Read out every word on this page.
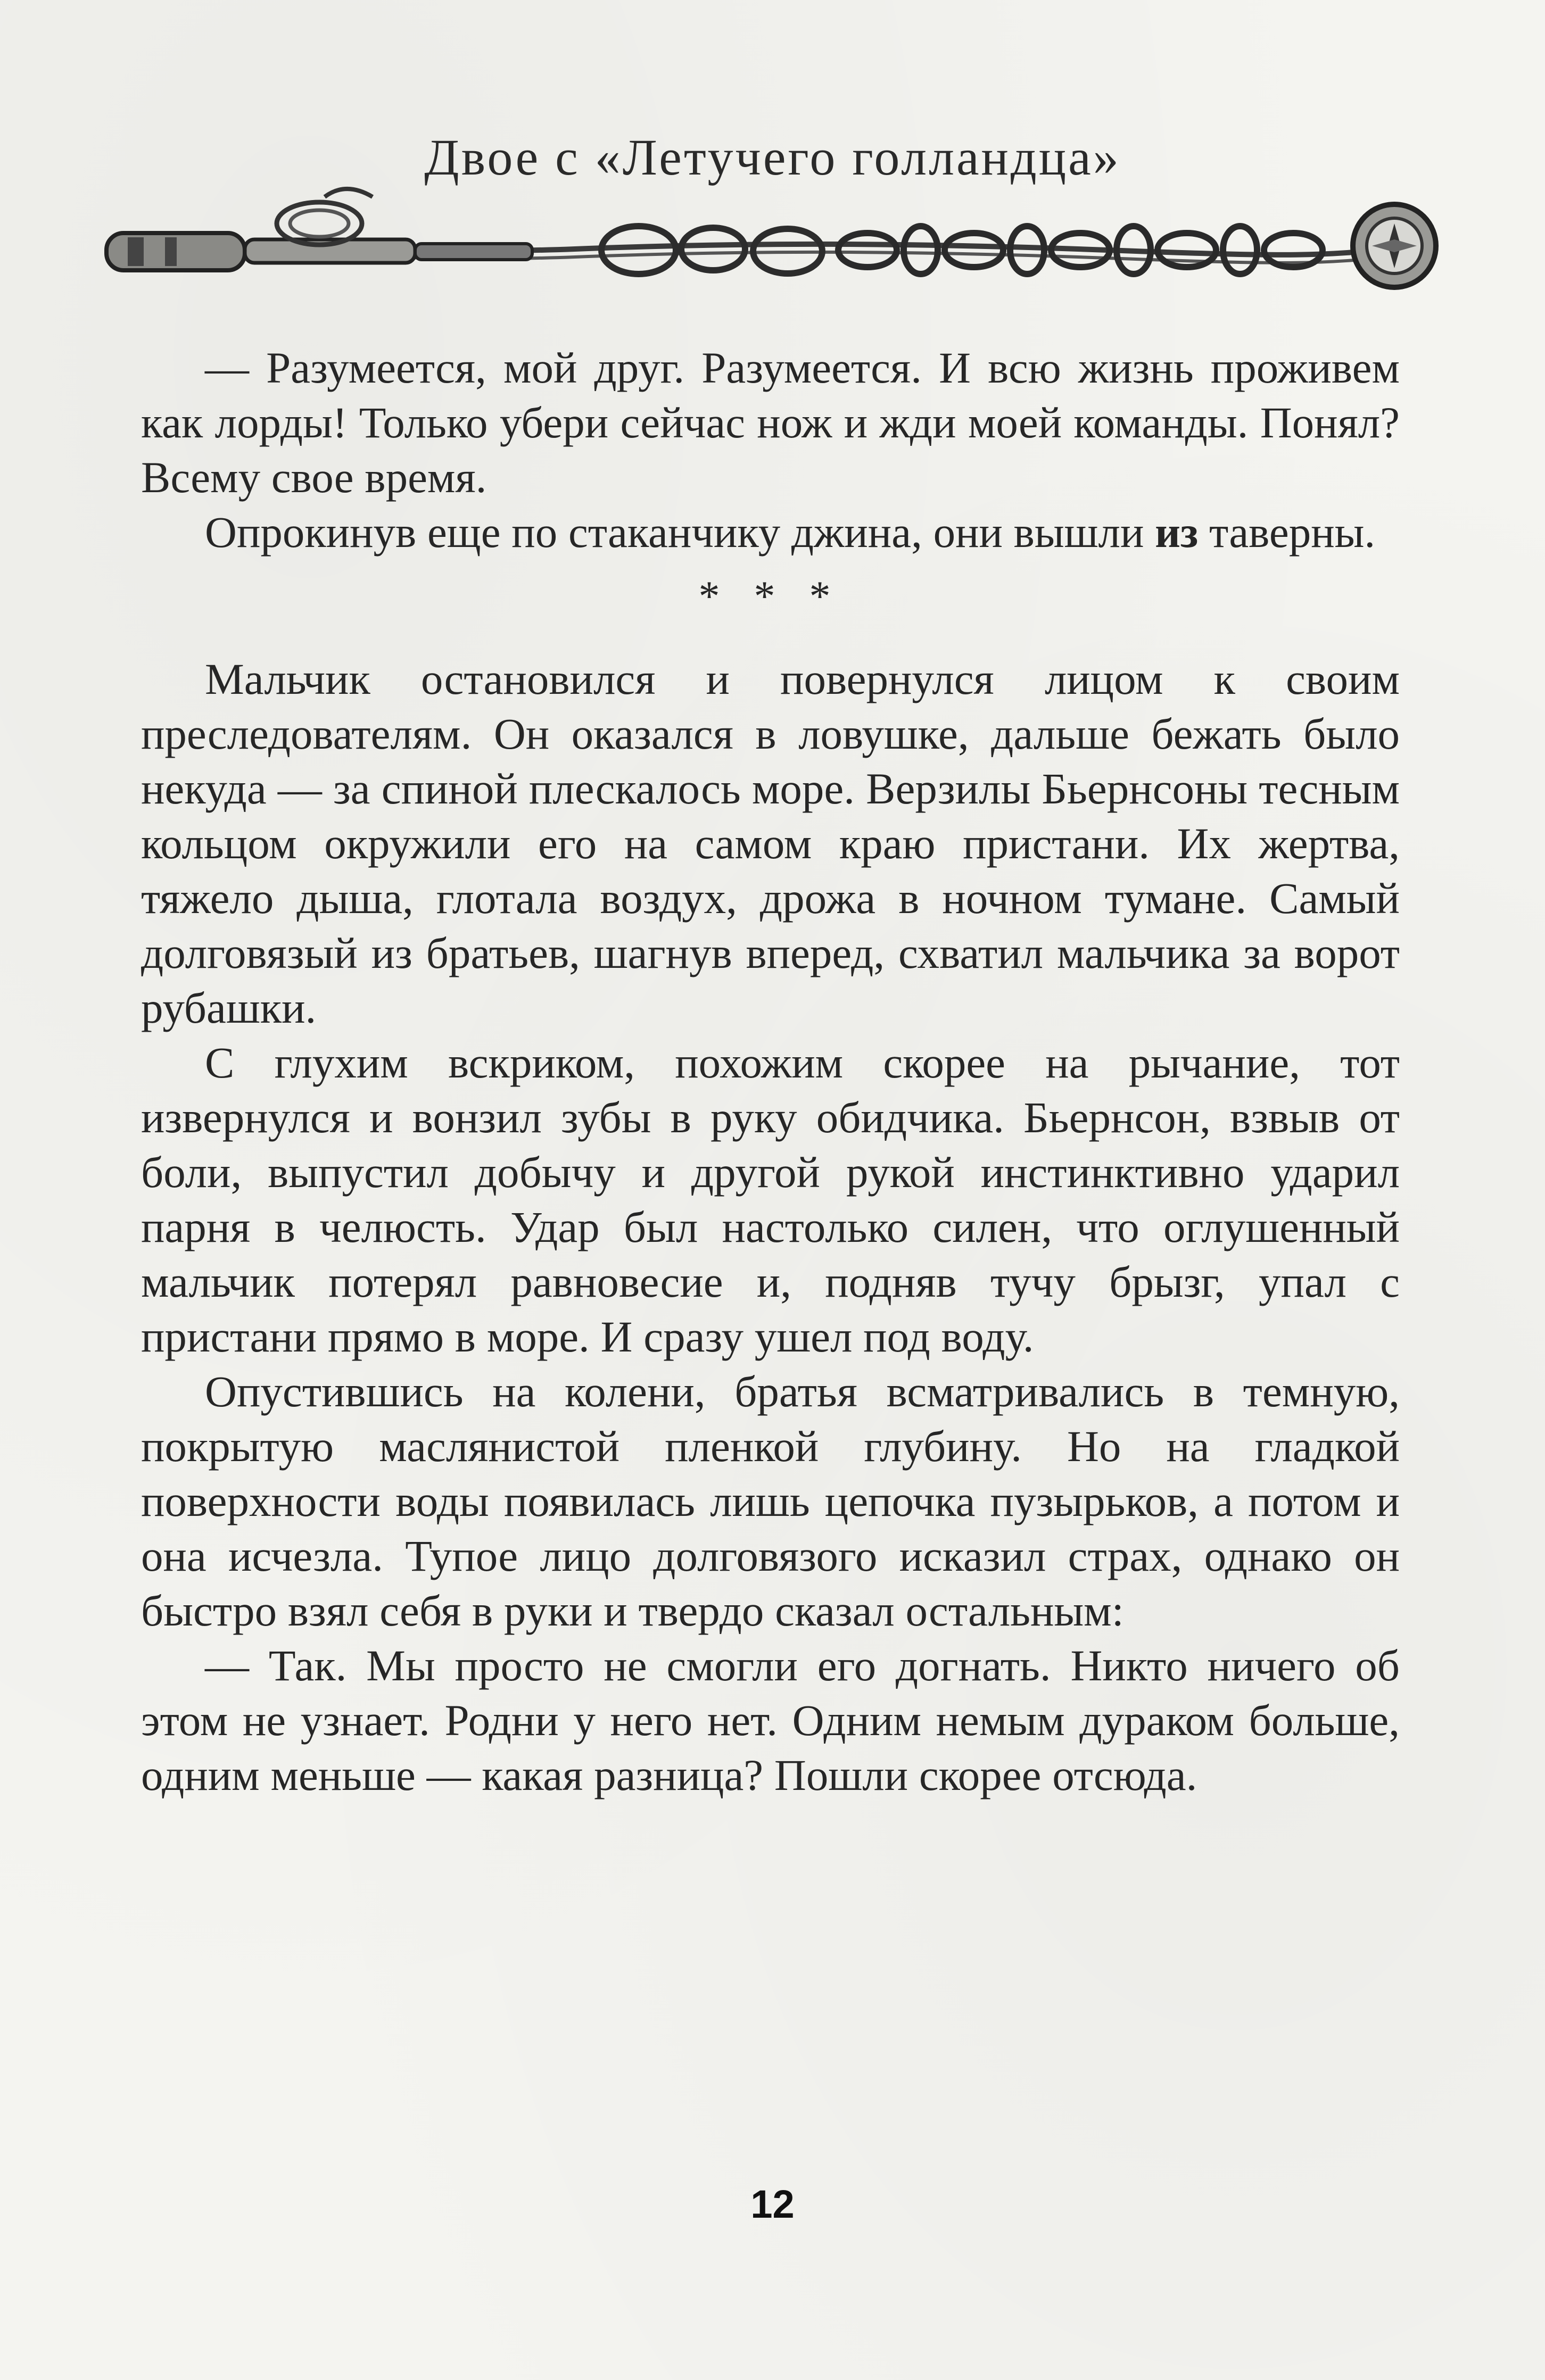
Двое с «Летучего голландца»

— Разумеется, мой друг. Разумеется. И всю жизнь проживем как лорды! Только убери сейчас нож и жди моей команды. Понял? Всему свое время.

Опрокинув еще по стаканчику джина, они вышли из таверны.

* * *

Мальчик остановился и повернулся лицом к своим преследователям. Он оказался в ловушке, дальше бежать было некуда — за спиной плескалось море. Верзилы Бьернсоны тесным кольцом окружили его на самом краю пристани. Их жертва, тяжело дыша, глотала воздух, дрожа в ночном тумане. Самый долговязый из братьев, шагнув вперед, схватил мальчика за ворот рубашки.

С глухим вскриком, похожим скорее на рычание, тот извернулся и вонзил зубы в руку обидчика. Бьернсон, взвыв от боли, выпустил добычу и другой рукой инстинктивно ударил парня в челюсть. Удар был настолько силен, что оглушенный мальчик потерял равновесие и, подняв тучу брызг, упал с пристани прямо в море. И сразу ушел под воду.

Опустившись на колени, братья всматривались в темную, покрытую маслянистой пленкой глубину. Но на гладкой поверхности воды появилась лишь цепочка пузырьков, а потом и она исчезла. Тупое лицо долговязого исказил страх, однако он быстро взял себя в руки и твердо сказал остальным:

— Так. Мы просто не смогли его догнать. Никто ничего об этом не узнает. Родни у него нет. Одним немым дураком больше, одним меньше — какая разница? Пошли скорее отсюда.

12
